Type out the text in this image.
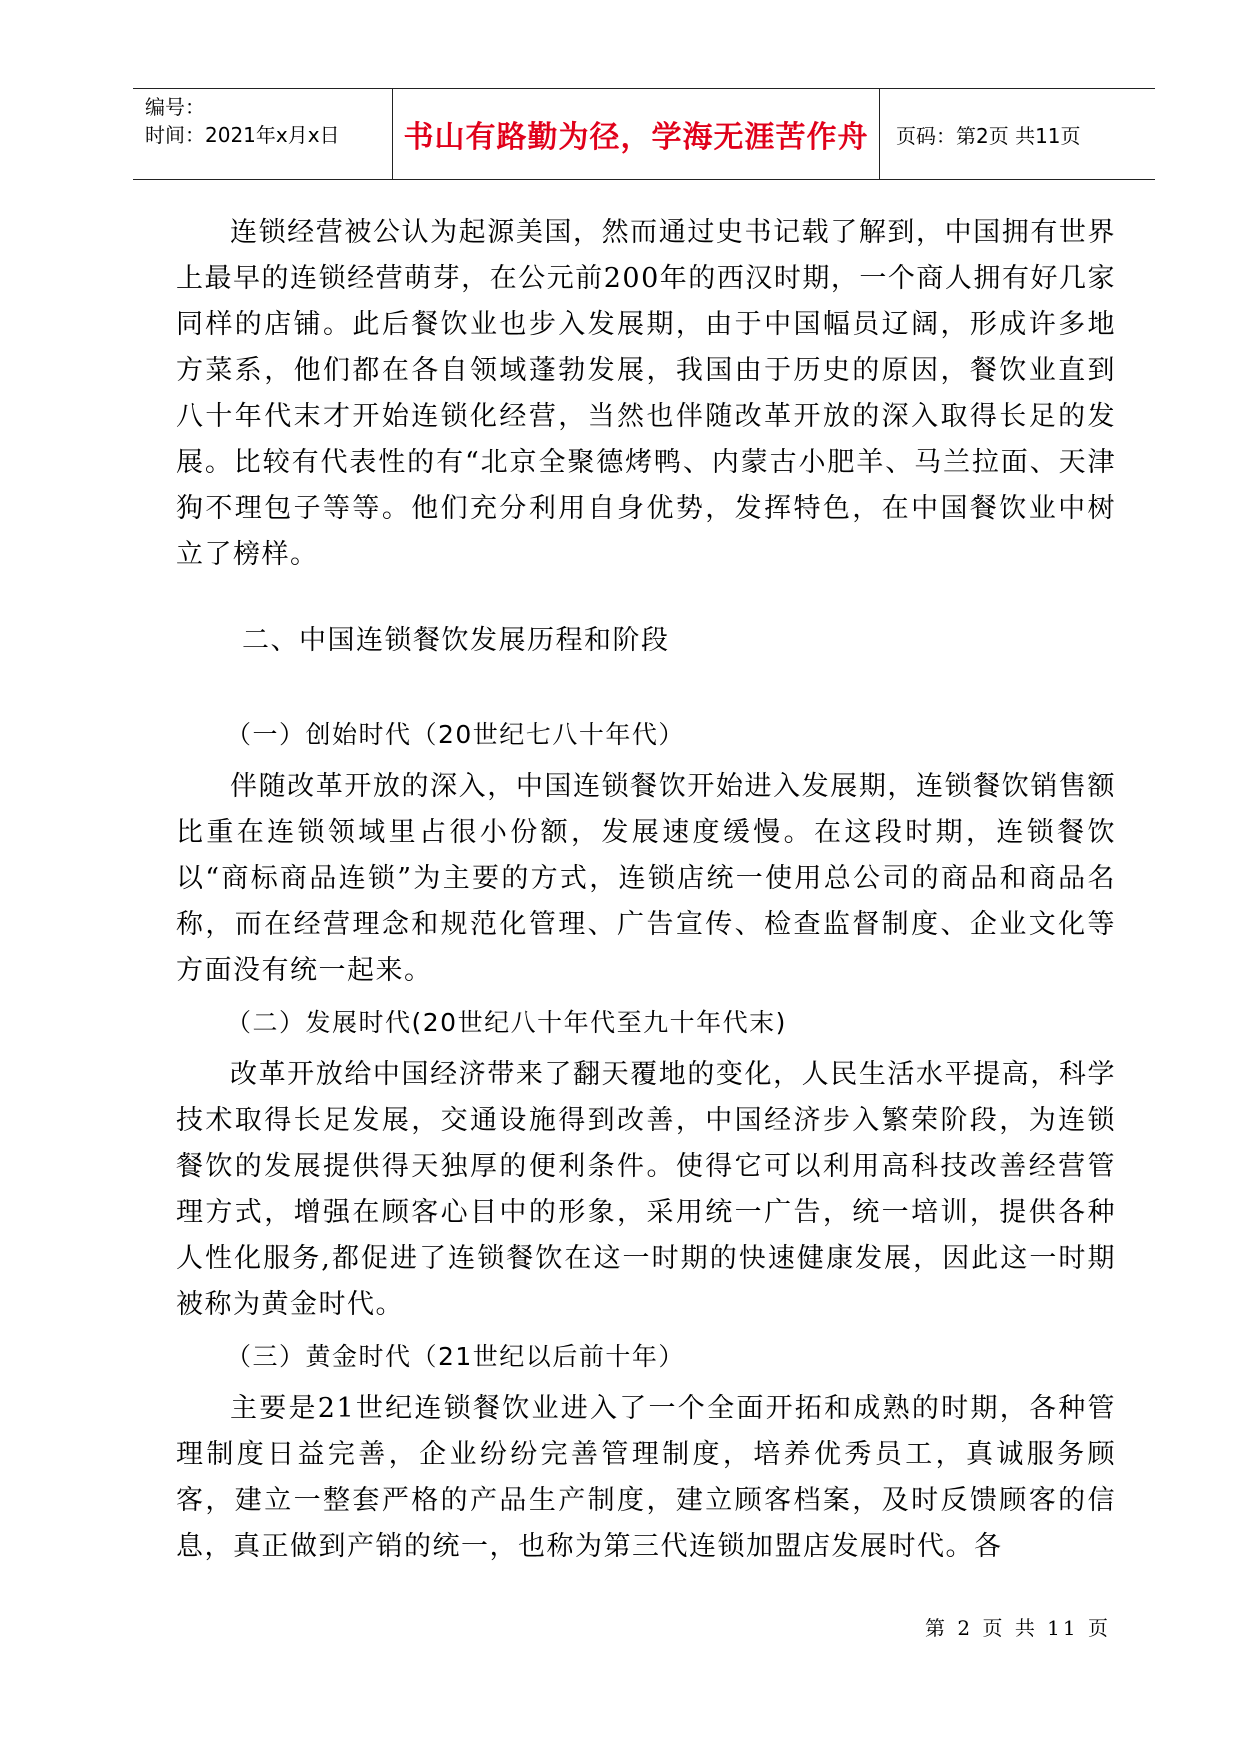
编号：
时间：2021年x月x日	书山有路勤为径，学海无涯苦作舟 页码：第2页 共11页

连锁经营被公认为起源美国，然而通过史书记载了解到，中国拥有世界上最早的连锁经营萌芽，在公元前200年的西汉时期，一个商人拥有好几家同样的店铺。此后餐饮业也步入发展期，由于中国幅员辽阔，形成许多地方菜系，他们都在各自领域蓬勃发展，我国由于历史的原因，餐饮业直到八十年代末才开始连锁化经营，当然也伴随改革开放的深入取得长足的发展。比较有代表性的有“北京全聚德烤鸭、内蒙古小肥羊、马兰拉面、天津狗不理包子等等。他们充分利用自身优势，发挥特色，在中国餐饮业中树立了榜样。

二、中国连锁餐饮发展历程和阶段

（一）创始时代（20世纪七八十年代）

伴随改革开放的深入，中国连锁餐饮开始进入发展期，连锁餐饮销售额比重在连锁领域里占很小份额，发展速度缓慢。在这段时期，连锁餐饮以“商标商品连锁”为主要的方式，连锁店统一使用总公司的商品和商品名称，而在经营理念和规范化管理、广告宣传、检查监督制度、企业文化等方面没有统一起来。

（二）发展时代(20世纪八十年代至九十年代末)

改革开放给中国经济带来了翻天覆地的变化，人民生活水平提高，科学技术取得长足发展，交通设施得到改善，中国经济步入繁荣阶段，为连锁餐饮的发展提供得天独厚的便利条件。使得它可以利用高科技改善经营管理方式，增强在顾客心目中的形象，采用统一广告，统一培训，提供各种人性化服务,都促进了连锁餐饮在这一时期的快速健康发展，因此这一时期被称为黄金时代。

（三）黄金时代（21世纪以后前十年）

主要是21世纪连锁餐饮业进入了一个全面开拓和成熟的时期，各种管理制度日益完善，企业纷纷完善管理制度，培养优秀员工，真诚服务顾客，建立一整套严格的产品生产制度，建立顾客档案，及时反馈顾客的信息，真正做到产销的统一，也称为第三代连锁加盟店发展时代。各

第 2 页 共 11 页
